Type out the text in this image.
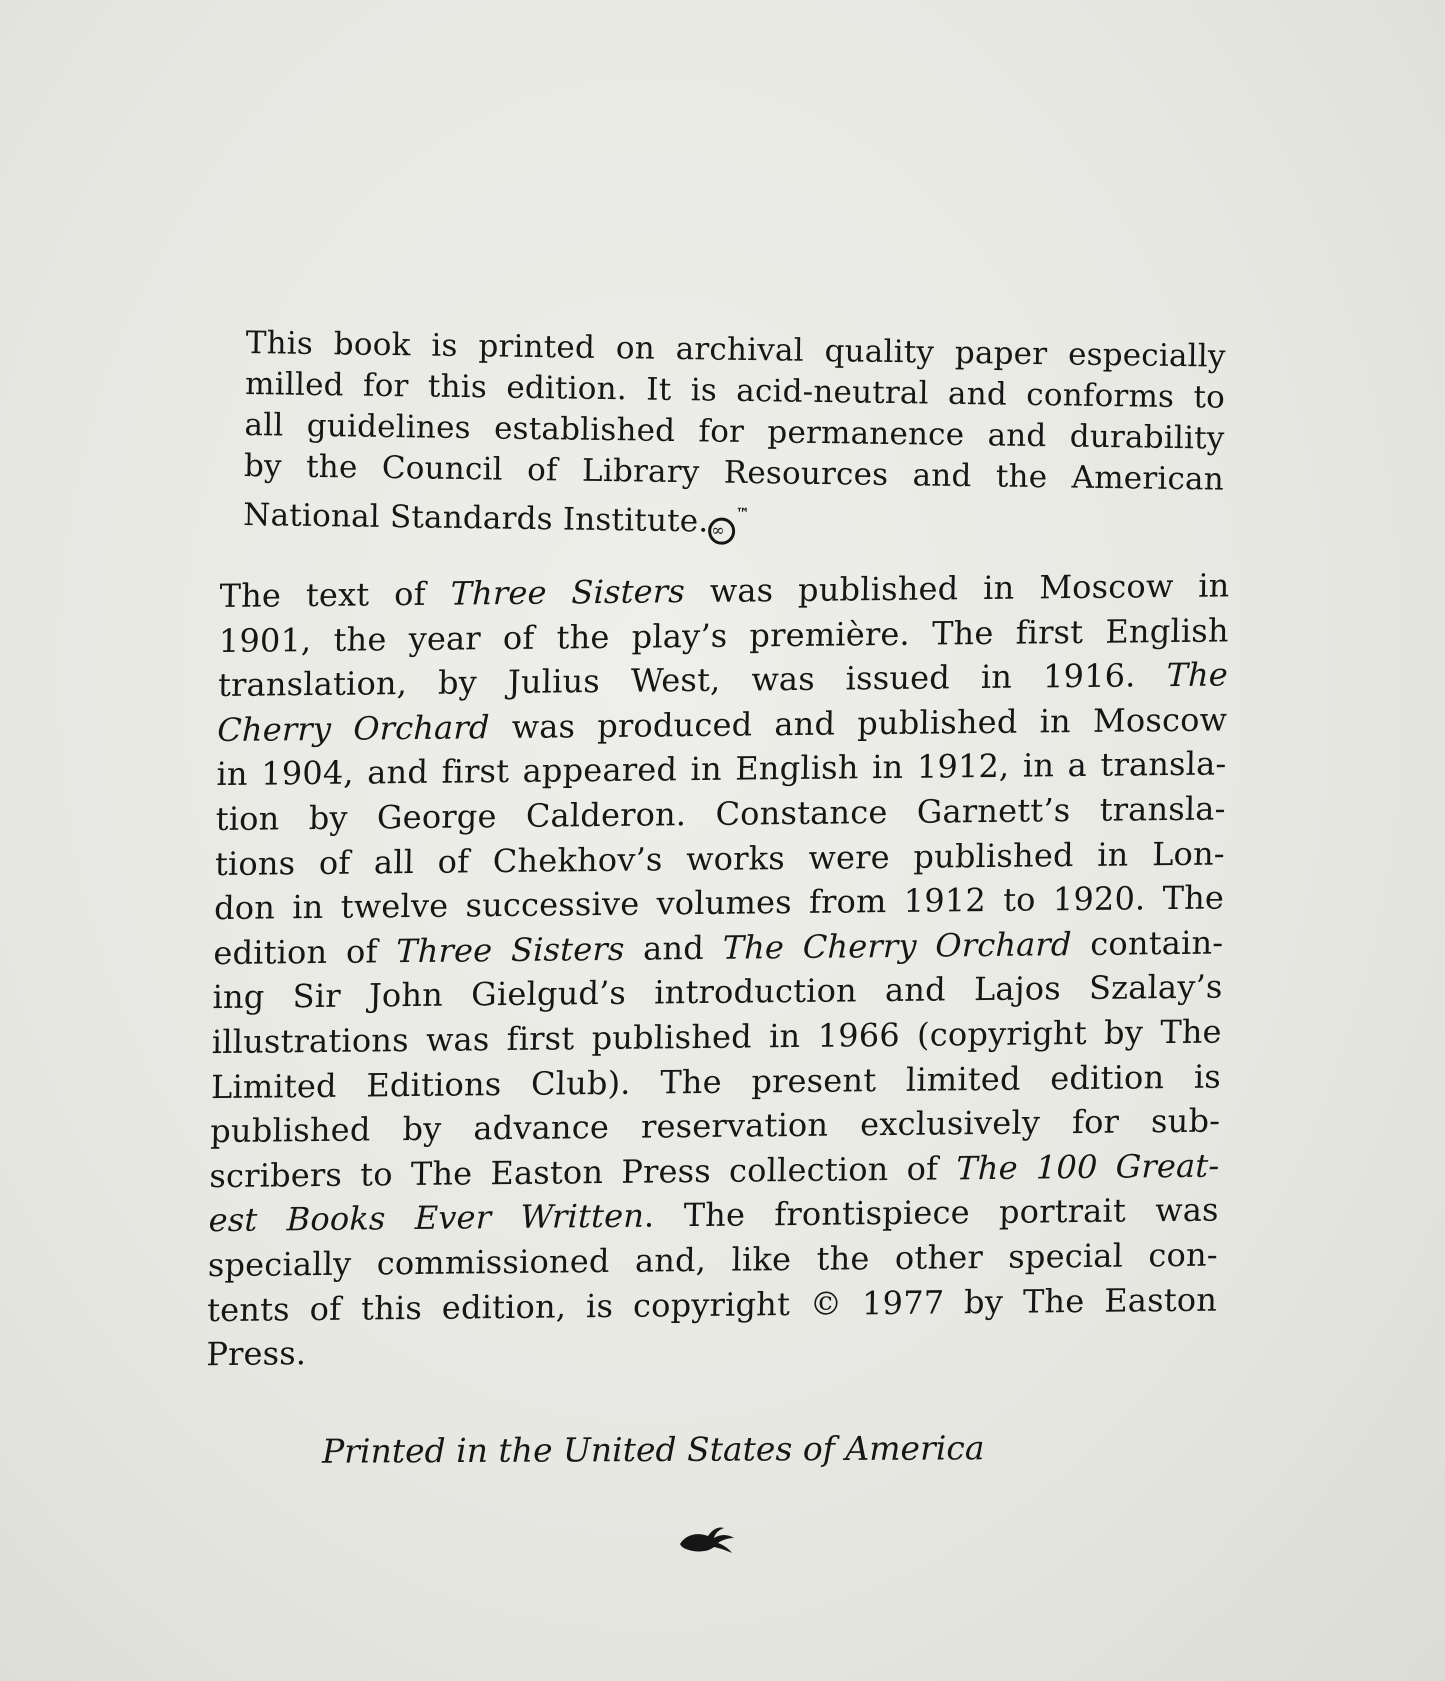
This book is printed on archival quality paper especially
milled for this edition. It is acid-neutral and conforms to
all guidelines established for permanence and durability
by the Council of Library Resources and the American
National Standards Institute. ∞™
The text of Three Sisters was published in Moscow in
1901, the year of the play’s première. The first English
translation, by Julius West, was issued in 1916. The
Cherry Orchard was produced and published in Moscow
in 1904, and first appeared in English in 1912, in a transla-
tion by George Calderon. Constance Garnett’s transla-
tions of all of Chekhov’s works were published in Lon-
don in twelve successive volumes from 1912 to 1920. The
edition of Three Sisters and The Cherry Orchard contain-
ing Sir John Gielgud’s introduction and Lajos Szalay’s
illustrations was first published in 1966 (copyright by The
Limited Editions Club). The present limited edition is
published by advance reservation exclusively for sub-
scribers to The Easton Press collection of The 100 Great-
est Books Ever Written. The frontispiece portrait was
specially commissioned and, like the other special con-
tents of this edition, is copyright © 1977 by The Easton
Press.
Printed in the United States of America
